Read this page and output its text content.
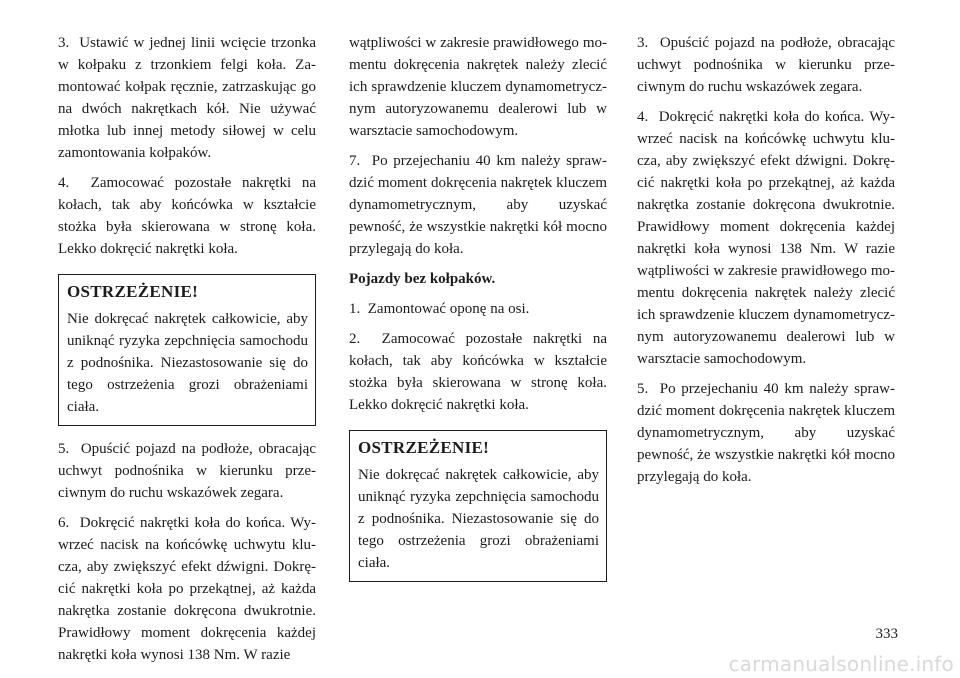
3.  Ustawić w jednej linii wcięcie trzonka w kołpaku z trzonkiem felgi koła. Zamontować kołpak ręcznie, zatrzaskując go na dwóch nakrętkach kół. Nie używać młotka lub innej metody siłowej w celu zamontowania kołpaków.

4.  Zamocować pozostałe nakrętki na kołach, tak aby końcówka w kształcie stożka była skierowana w stronę koła. Lekko dokręcić nakrętki koła.

OSTRZEŻENIE!

Nie dokręcać nakrętek całkowicie, aby uniknąć ryzyka zepchnięcia samochodu z podnośnika. Niezastosowanie się do tego ostrzeżenia grozi obrażeniami ciała.

5.  Opuścić pojazd na podłoże, obracając uchwyt podnośnika w kierunku przeciwnym do ruchu wskazówek zegara.

6.  Dokręcić nakrętki koła do końca. Wywrzeć nacisk na końcówkę uchwytu klucza, aby zwiększyć efekt dźwigni. Dokręcić nakrętki koła po przekątnej, aż każda nakrętka zostanie dokręcona dwukrotnie. Prawidłowy moment dokręcenia każdej nakrętki koła wynosi 138 Nm. W razie

wątpliwości w zakresie prawidłowego momentu dokręcenia nakrętek należy zlecić ich sprawdzenie kluczem dynamometrycznym autoryzowanemu dealerowi lub w warsztacie samochodowym.

7.  Po przejechaniu 40 km należy sprawdzić moment dokręcenia nakrętek kluczem dynamometrycznym, aby uzyskać pewność, że wszystkie nakrętki kół mocno przylegają do koła.

Pojazdy bez kołpaków.

1.  Zamontować oponę na osi.

2.  Zamocować pozostałe nakrętki na kołach, tak aby końcówka w kształcie stożka była skierowana w stronę koła. Lekko dokręcić nakrętki koła.

OSTRZEŻENIE!

Nie dokręcać nakrętek całkowicie, aby uniknąć ryzyka zepchnięcia samochodu z podnośnika. Niezastosowanie się do tego ostrzeżenia grozi obrażeniami ciała.

3.  Opuścić pojazd na podłoże, obracając uchwyt podnośnika w kierunku przeciwnym do ruchu wskazówek zegara.

4.  Dokręcić nakrętki koła do końca. Wywrzeć nacisk na końcówkę uchwytu klucza, aby zwiększyć efekt dźwigni. Dokręcić nakrętki koła po przekątnej, aż każda nakrętka zostanie dokręcona dwukrotnie. Prawidłowy moment dokręcenia każdej nakrętki koła wynosi 138 Nm. W razie wątpliwości w zakresie prawidłowego momentu dokręcenia nakrętek należy zlecić ich sprawdzenie kluczem dynamometrycznym autoryzowanemu dealerowi lub w warsztacie samochodowym.

5.  Po przejechaniu 40 km należy sprawdzić moment dokręcenia nakrętek kluczem dynamometrycznym, aby uzyskać pewność, że wszystkie nakrętki kół mocno przylegają do koła.

333
carmanualsonline.info
